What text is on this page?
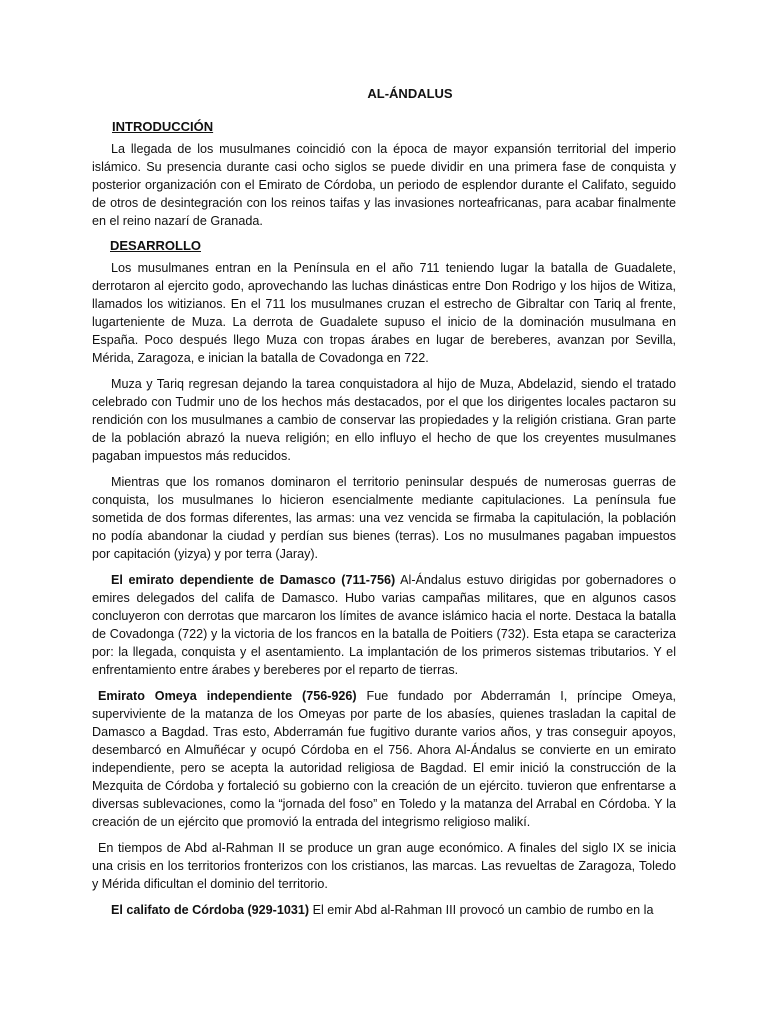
AL-ÁNDALUS
INTRODUCCIÓN

La llegada de los musulmanes coincidió con la época de mayor expansión territorial del imperio islámico. Su presencia durante casi ocho siglos se puede dividir en una primera fase de conquista y posterior organización con el Emirato de Córdoba, un periodo de esplendor durante el Califato, seguido de otros de desintegración con los reinos taifas y las invasiones norteafricanas, para acabar finalmente en el reino nazarí de Granada.

DESARROLLO

Los musulmanes entran en la Península en el año 711 teniendo lugar la batalla de Guadalete, derrotaron al ejercito godo, aprovechando las luchas dinásticas entre Don Rodrigo y los hijos de Witiza, llamados los witizianos. En el 711 los musulmanes cruzan el estrecho de Gibraltar con Tariq al frente, lugarteniente de Muza. La derrota de Guadalete supuso el inicio de la dominación musulmana en España. Poco después llego Muza con tropas árabes en lugar de bereberes, avanzan por Sevilla, Mérida, Zaragoza, e inician la batalla de Covadonga en 722.

Muza y Tariq regresan dejando la tarea conquistadora al hijo de Muza, Abdelazid, siendo el tratado celebrado con Tudmir uno de los hechos más destacados, por el que los dirigentes locales pactaron su rendición con los musulmanes a cambio de conservar las propiedades y la religión cristiana. Gran parte de la población abrazó la nueva religión; en ello influyo el hecho de que los creyentes musulmanes pagaban impuestos más reducidos.

Mientras que los romanos dominaron el territorio peninsular después de numerosas guerras de conquista, los musulmanes lo hicieron esencialmente mediante capitulaciones. La península fue sometida de dos formas diferentes, las armas: una vez vencida se firmaba la capitulación, la población no podía abandonar la ciudad y perdían sus bienes (terras). Los no musulmanes pagaban impuestos por capitación (yizya) y por terra (Jaray).

El emirato dependiente de Damasco (711-756) Al-Ándalus estuvo dirigidas por gobernadores o emires delegados del califa de Damasco. Hubo varias campañas militares, que en algunos casos concluyeron con derrotas que marcaron los límites de avance islámico hacia el norte. Destaca la batalla de Covadonga (722) y la victoria de los francos en la batalla de Poitiers (732). Esta etapa se caracteriza por: la llegada, conquista y el asentamiento. La implantación de los primeros sistemas tributarios. Y el enfrentamiento entre árabes y bereberes por el reparto de tierras.

Emirato Omeya independiente (756-926) Fue fundado por Abderramán I, príncipe Omeya, superviviente de la matanza de los Omeyas por parte de los abasíes, quienes trasladan la capital de Damasco a Bagdad. Tras esto, Abderramán fue fugitivo durante varios años, y tras conseguir apoyos, desembarcó en Almuñécar y ocupó Córdoba en el 756. Ahora Al-Ándalus se convierte en un emirato independiente, pero se acepta la autoridad religiosa de Bagdad. El emir inició la construcción de la Mezquita de Córdoba y fortaleció su gobierno con la creación de un ejército. tuvieron que enfrentarse a diversas sublevaciones, como la “jornada del foso” en Toledo y la matanza del Arrabal en Córdoba. Y la creación de un ejército que promovió la entrada del integrismo religioso malikí.

En tiempos de Abd al-Rahman II se produce un gran auge económico. A finales del siglo IX se inicia una crisis en los territorios fronterizos con los cristianos, las marcas. Las revueltas de Zaragoza, Toledo y Mérida dificultan el dominio del territorio.

El califato de Córdoba (929-1031) El emir Abd al-Rahman III provocó un cambio de rumbo en la
